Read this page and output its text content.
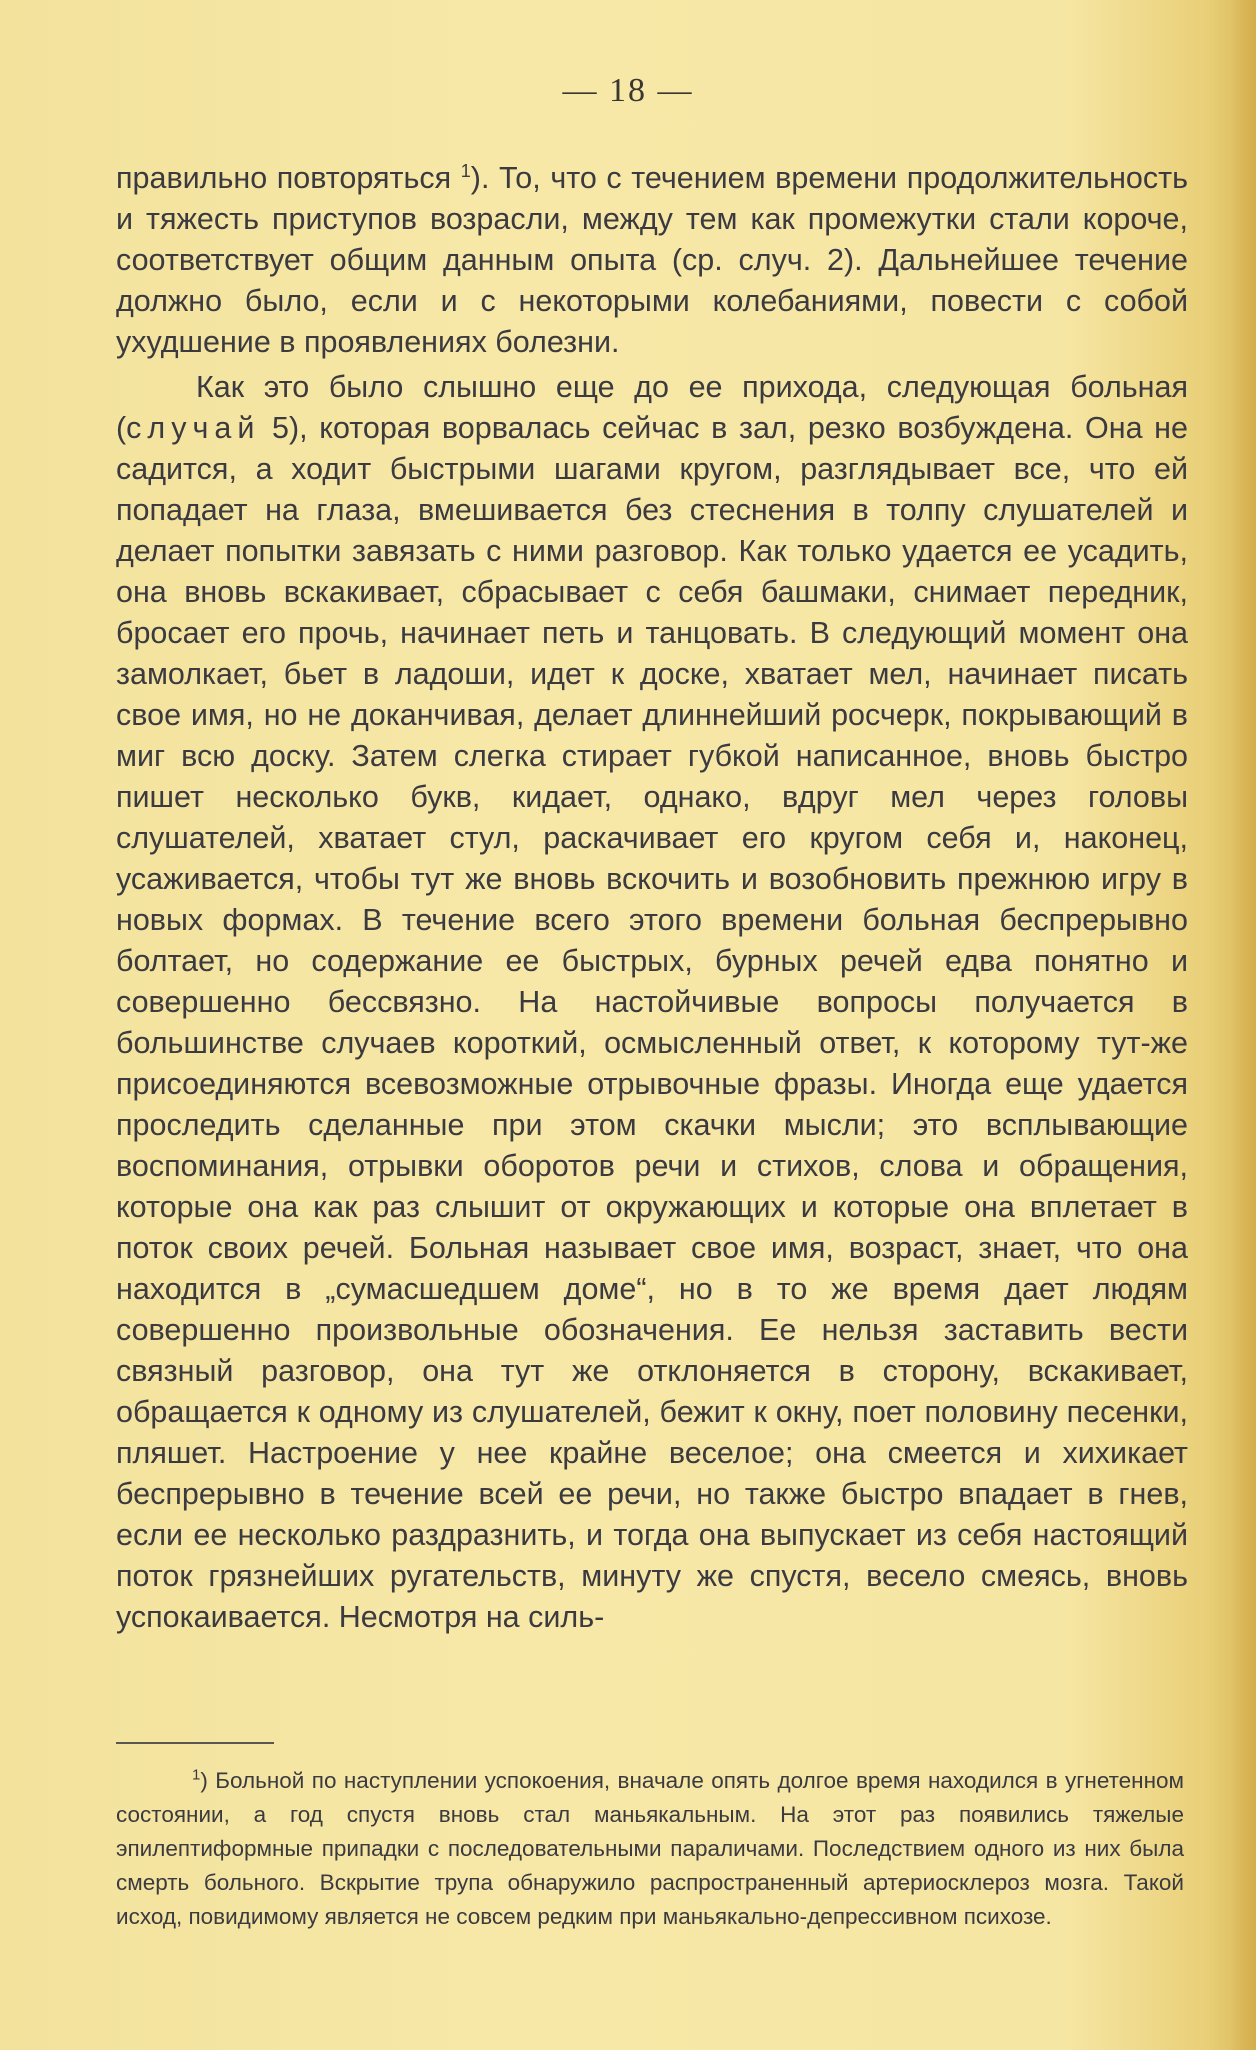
— 18 —

правильно повторяться $^1$). То, что с течением времени продолжительность и тяжесть приступов возрасли, между тем как промежутки стали короче, соответствует общим данным опыта (ср. случ. 2). Дальнейшее течение должно было, если и с некоторыми колебаниями, повести с собой ухудшение в проявлениях болезни.

Как это было слышно еще до ее прихода, следующая больная (случай 5), которая ворвалась сейчас в зал, резко возбуждена. Она не садится, а ходит быстрыми шагами кругом, разглядывает все, что ей попадает на глаза, вмешивается без стеснения в толпу слушателей и делает попытки завязать с ними разговор. Как только удается ее усадить, она вновь вскакивает, сбрасывает с себя башмаки, снимает передник, бросает его прочь, начинает петь и танцовать. В следующий момент она замолкает, бьет в ладоши, идет к доске, хватает мел, начинает писать свое имя, но не доканчивая, делает длиннейший росчерк, покрывающий в миг всю доску. Затем слегка стирает губкой написанное, вновь быстро пишет несколько букв, кидает, однако, вдруг мел через головы слушателей, хватает стул, раскачивает его кругом себя и, наконец, усаживается, чтобы тут же вновь вскочить и возобновить прежнюю игру в новых формах. В течение всего этого времени больная беспрерывно болтает, но содержание ее быстрых, бурных речей едва понятно и совершенно бессвязно. На настойчивые вопросы получается в большинстве случаев короткий, осмысленный ответ, к которому тут-же присоединяются всевозможные отрывочные фразы. Иногда еще удается проследить сделанные при этом скачки мысли; это всплывающие воспоминания, отрывки оборотов речи и стихов, слова и обращения, которые она как раз слышит от окружающих и которые она вплетает в поток своих речей. Больная называет свое имя, возраст, знает, что она находится в „сумасшедшем доме“, но в то же время дает людям совершенно произвольные обозначения. Ее нельзя заставить вести связный разговор, она тут же отклоняется в сторону, вскакивает, обращается к одному из слушателей, бежит к окну, поет половину песенки, пляшет. Настроение у нее крайне веселое; она смеется и хихикает беспрерывно в течение всей ее речи, но также быстро впадает в гнев, если ее несколько раздразнить, и тогда она выпускает из себя настоящий поток грязнейших ругательств, минуту же спустя, весело смеясь, вновь успокаивается. Несмотря на силь-

$^1$) Больной по наступлении успокоения, вначале опять долгое время находился в угнетенном состоянии, а год спустя вновь стал маньякальным. На этот раз появились тяжелые эпилептиформные припадки с последовательными параличами. Последствием одного из них была смерть больного. Вскрытие трупа обнаружило распространенный артериосклероз мозга. Такой исход, повидимому является не совсем редким при маньякально-депрессивном психозе.
